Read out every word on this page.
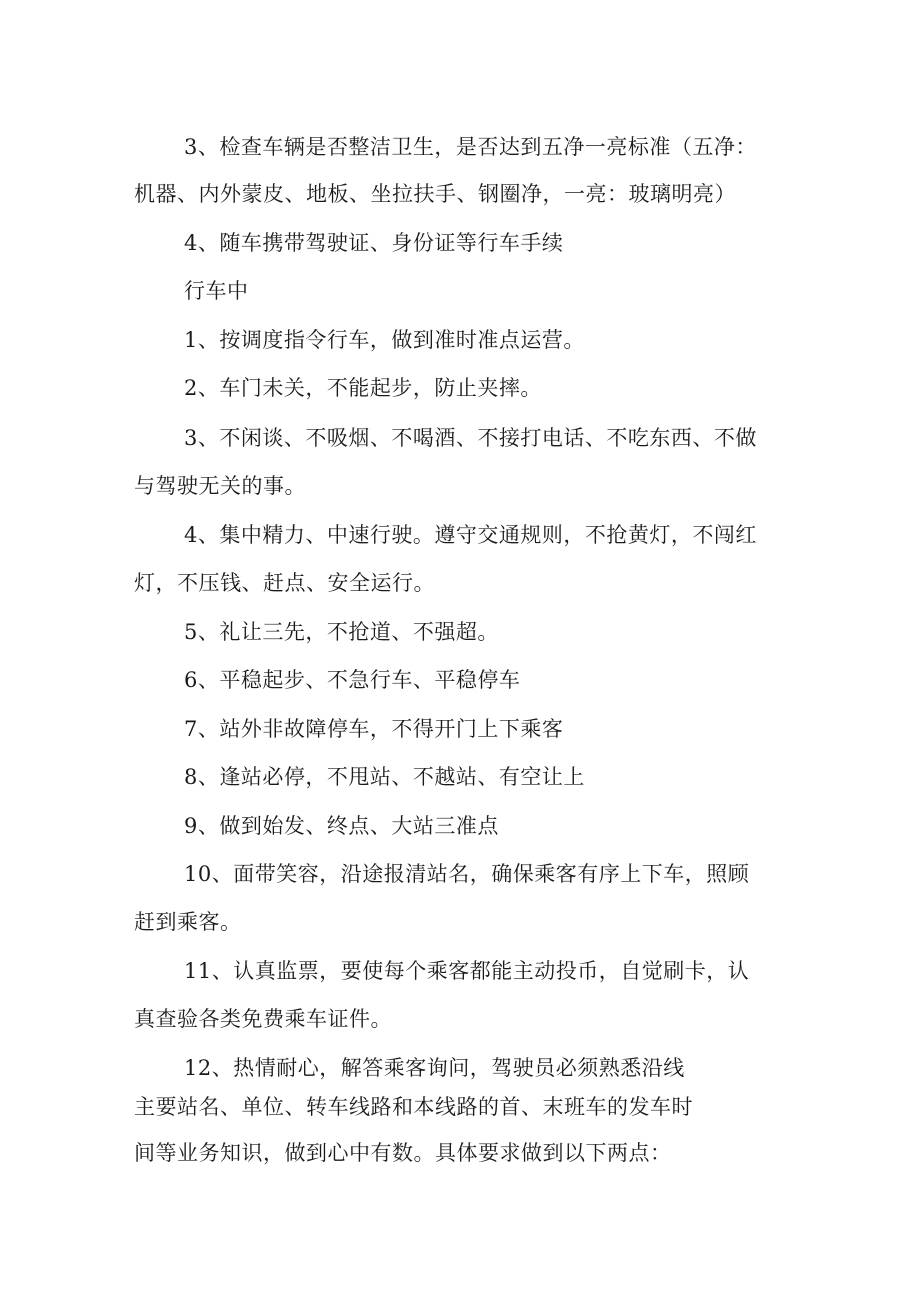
3、检查车辆是否整洁卫生，是否达到五净一亮标准（五净：
机器、内外蒙皮、地板、坐拉扶手、钢圈净，一亮：玻璃明亮）
4、随车携带驾驶证、身份证等行车手续
行车中
1、按调度指令行车，做到准时准点运营。
2、车门未关，不能起步，防止夹摔。
3、不闲谈、不吸烟、不喝酒、不接打电话、不吃东西、不做
与驾驶无关的事。
4、集中精力、中速行驶。遵守交通规则，不抢黄灯，不闯红
灯，不压钱、赶点、安全运行。
5、礼让三先，不抢道、不强超。
6、平稳起步、不急行车、平稳停车
7、站外非故障停车，不得开门上下乘客
8、逢站必停，不甩站、不越站、有空让上
9、做到始发、终点、大站三准点
10、面带笑容，沿途报清站名，确保乘客有序上下车，照顾
赶到乘客。
11、认真监票，要使每个乘客都能主动投币，自觉刷卡，认
真查验各类免费乘车证件。
12、热情耐心，解答乘客询问，驾驶员必须熟悉沿线
主要站名、单位、转车线路和本线路的首、末班车的发车时
间等业务知识，做到心中有数。具体要求做到以下两点：
